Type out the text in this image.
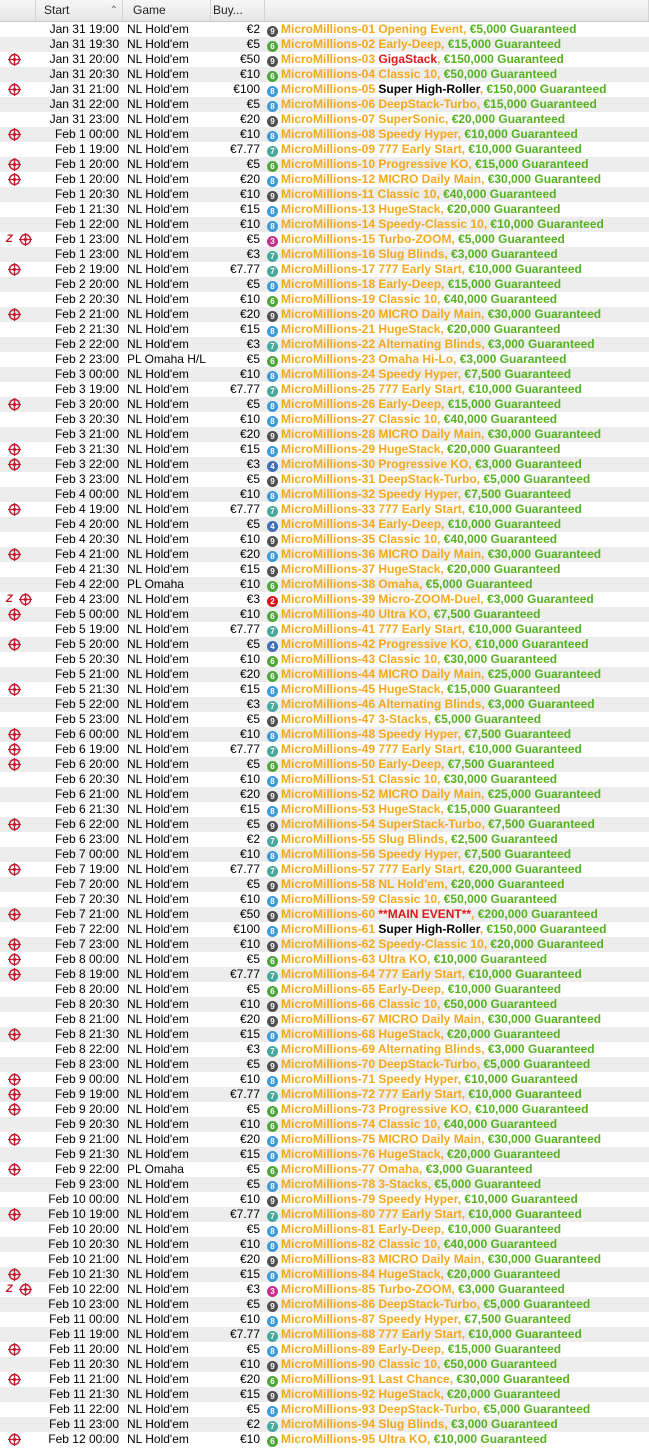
Start	⌃	Game	Buy...
Jan 31 19:00 NL Hold'em	€2	9 MicroMillions-01 Opening Event, €5,000 Guaranteed
Jan 31 19:30 NL Hold'em	€5	6 MicroMillions-02 Early-Deep, €15,000 Guaranteed
Jan 31 20:00 NL Hold'em	€50	9 MicroMillions-03 GigaStack, €150,000 Guaranteed
Jan 31 20:30 NL Hold'em	€10	6 MicroMillions-04 Classic 10, €50,000 Guaranteed
Jan 31 21:00 NL Hold'em	€100	8 MicroMillions-05 Super High-Roller, €150,000 Guaranteed
Jan 31 22:00 NL Hold'em	€5	8 MicroMillions-06 DeepStack-Turbo, €15,000 Guaranteed
Jan 31 23:00 NL Hold'em	€20	9 MicroMillions-07 SuperSonic, €20,000 Guaranteed
Feb 1 00:00 NL Hold'em	€10	8 MicroMillions-08 Speedy Hyper, €10,000 Guaranteed
Feb 1 19:00 NL Hold'em	€7.77	7 MicroMillions-09 777 Early Start, €10,000 Guaranteed
Feb 1 20:00 NL Hold'em	€5	6 MicroMillions-10 Progressive KO, €15,000 Guaranteed
Feb 1 20:00 NL Hold'em	€20	8 MicroMillions-12 MICRO Daily Main, €30,000 Guaranteed
Feb 1 20:30 NL Hold'em	€10	9 MicroMillions-11 Classic 10, €40,000 Guaranteed
Feb 1 21:30 NL Hold'em	€15	8 MicroMillions-13 HugeStack, €20,000 Guaranteed
Feb 1 22:00 NL Hold'em	€10	8 MicroMillions-14 Speedy-Classic 10, €10,000 Guaranteed
Z	Feb 1 23:00 NL Hold'em	€5	3 MicroMillions-15 Turbo-ZOOM, €5,000 Guaranteed
Feb 1 23:00 NL Hold'em	€3	7 MicroMillions-16 Slug Blinds, €3,000 Guaranteed
Feb 2 19:00 NL Hold'em	€7.77	7 MicroMillions-17 777 Early Start, €10,000 Guaranteed
Feb 2 20:00 NL Hold'em	€5	8 MicroMillions-18 Early-Deep, €15,000 Guaranteed
Feb 2 20:30 NL Hold'em	€10	6 MicroMillions-19 Classic 10, €40,000 Guaranteed
Feb 2 21:00 NL Hold'em	€20	9 MicroMillions-20 MICRO Daily Main, €30,000 Guaranteed
Feb 2 21:30 NL Hold'em	€15	8 MicroMillions-21 HugeStack, €20,000 Guaranteed
Feb 2 22:00 NL Hold'em	€3	7 MicroMillions-22 Alternating Blinds, €3,000 Guaranteed
Feb 2 23:00 PL Omaha H/L	€5	6 MicroMillions-23 Omaha Hi-Lo, €3,000 Guaranteed
Feb 3 00:00 NL Hold'em	€10	8 MicroMillions-24 Speedy Hyper, €7,500 Guaranteed
Feb 3 19:00 NL Hold'em	€7.77	7 MicroMillions-25 777 Early Start, €10,000 Guaranteed
Feb 3 20:00 NL Hold'em	€5	8 MicroMillions-26 Early-Deep, €15,000 Guaranteed
Feb 3 20:30 NL Hold'em	€10	8 MicroMillions-27 Classic 10, €40,000 Guaranteed
Feb 3 21:00 NL Hold'em	€20	9 MicroMillions-28 MICRO Daily Main, €30,000 Guaranteed
Feb 3 21:30 NL Hold'em	€15	8 MicroMillions-29 HugeStack, €20,000 Guaranteed
Feb 3 22:00 NL Hold'em	€3	4 MicroMillions-30 Progressive KO, €3,000 Guaranteed
Feb 3 23:00 NL Hold'em	€5	9 MicroMillions-31 DeepStack-Turbo, €5,000 Guaranteed
Feb 4 00:00 NL Hold'em	€10	8 MicroMillions-32 Speedy Hyper, €7,500 Guaranteed
Feb 4 19:00 NL Hold'em	€7.77	7 MicroMillions-33 777 Early Start, €10,000 Guaranteed
Feb 4 20:00 NL Hold'em	€5	4 MicroMillions-34 Early-Deep, €10,000 Guaranteed
Feb 4 20:30 NL Hold'em	€10	9 MicroMillions-35 Classic 10, €40,000 Guaranteed
Feb 4 21:00 NL Hold'em	€20	8 MicroMillions-36 MICRO Daily Main, €30,000 Guaranteed
Feb 4 21:30 NL Hold'em	€15	9 MicroMillions-37 HugeStack, €20,000 Guaranteed
Feb 4 22:00 PL Omaha	€10	6 MicroMillions-38 Omaha, €5,000 Guaranteed
Z	Feb 4 23:00 NL Hold'em	€3	2 MicroMillions-39 Micro-ZOOM-Duel, €3,000 Guaranteed
Feb 5 00:00 NL Hold'em	€10	6 MicroMillions-40 Ultra KO, €7,500 Guaranteed
Feb 5 19:00 NL Hold'em	€7.77	7 MicroMillions-41 777 Early Start, €10,000 Guaranteed
Feb 5 20:00 NL Hold'em	€5	4 MicroMillions-42 Progressive KO, €10,000 Guaranteed
Feb 5 20:30 NL Hold'em	€10	6 MicroMillions-43 Classic 10, €30,000 Guaranteed
Feb 5 21:00 NL Hold'em	€20	6 MicroMillions-44 MICRO Daily Main, €25,000 Guaranteed
Feb 5 21:30 NL Hold'em	€15	8 MicroMillions-45 HugeStack, €15,000 Guaranteed
Feb 5 22:00 NL Hold'em	€3	7 MicroMillions-46 Alternating Blinds, €3,000 Guaranteed
Feb 5 23:00 NL Hold'em	€5	9 MicroMillions-47 3-Stacks, €5,000 Guaranteed
Feb 6 00:00 NL Hold'em	€10	8 MicroMillions-48 Speedy Hyper, €7,500 Guaranteed
Feb 6 19:00 NL Hold'em	€7.77	7 MicroMillions-49 777 Early Start, €10,000 Guaranteed
Feb 6 20:00 NL Hold'em	€5	6 MicroMillions-50 Early-Deep, €7,500 Guaranteed
Feb 6 20:30 NL Hold'em	€10	8 MicroMillions-51 Classic 10, €30,000 Guaranteed
Feb 6 21:00 NL Hold'em	€20	9 MicroMillions-52 MICRO Daily Main, €25,000 Guaranteed
Feb 6 21:30 NL Hold'em	€15	8 MicroMillions-53 HugeStack, €15,000 Guaranteed
Feb 6 22:00 NL Hold'em	€5	9 MicroMillions-54 SuperStack-Turbo, €7,500 Guaranteed
Feb 6 23:00 NL Hold'em	€2	7 MicroMillions-55 Slug Blinds, €2,500 Guaranteed
Feb 7 00:00 NL Hold'em	€10	8 MicroMillions-56 Speedy Hyper, €7,500 Guaranteed
Feb 7 19:00 NL Hold'em	€7.77	7 MicroMillions-57 777 Early Start, €20,000 Guaranteed
Feb 7 20:00 NL Hold'em	€5	9 MicroMillions-58 NL Hold'em, €20,000 Guaranteed
Feb 7 20:30 NL Hold'em	€10	8 MicroMillions-59 Classic 10, €50,000 Guaranteed
Feb 7 21:00 NL Hold'em	€50	9 MicroMillions-60 **MAIN EVENT**, €200,000 Guaranteed
Feb 7 22:00 NL Hold'em	€100	8 MicroMillions-61 Super High-Roller, €150,000 Guaranteed
Feb 7 23:00 NL Hold'em	€10	9 MicroMillions-62 Speedy-Classic 10, €20,000 Guaranteed
Feb 8 00:00 NL Hold'em	€5	6 MicroMillions-63 Ultra KO, €10,000 Guaranteed
Feb 8 19:00 NL Hold'em	€7.77	7 MicroMillions-64 777 Early Start, €10,000 Guaranteed
Feb 8 20:00 NL Hold'em	€5	6 MicroMillions-65 Early-Deep, €10,000 Guaranteed
Feb 8 20:30 NL Hold'em	€10	9 MicroMillions-66 Classic 10, €50,000 Guaranteed
Feb 8 21:00 NL Hold'em	€20	9 MicroMillions-67 MICRO Daily Main, €30,000 Guaranteed
Feb 8 21:30 NL Hold'em	€15	8 MicroMillions-68 HugeStack, €20,000 Guaranteed
Feb 8 22:00 NL Hold'em	€3	7 MicroMillions-69 Alternating Blinds, €3,000 Guaranteed
Feb 8 23:00 NL Hold'em	€5	9 MicroMillions-70 DeepStack-Turbo, €5,000 Guaranteed
Feb 9 00:00 NL Hold'em	€10	8 MicroMillions-71 Speedy Hyper, €10,000 Guaranteed
Feb 9 19:00 NL Hold'em	€7.77	7 MicroMillions-72 777 Early Start, €10,000 Guaranteed
Feb 9 20:00 NL Hold'em	€5	6 MicroMillions-73 Progressive KO, €10,000 Guaranteed
Feb 9 20:30 NL Hold'em	€10	6 MicroMillions-74 Classic 10, €40,000 Guaranteed
Feb 9 21:00 NL Hold'em	€20	8 MicroMillions-75 MICRO Daily Main, €30,000 Guaranteed
Feb 9 21:30 NL Hold'em	€15	8 MicroMillions-76 HugeStack, €20,000 Guaranteed
Feb 9 22:00 PL Omaha	€5	6 MicroMillions-77 Omaha, €3,000 Guaranteed
Feb 9 23:00 NL Hold'em	€5	8 MicroMillions-78 3-Stacks, €5,000 Guaranteed
Feb 10 00:00 NL Hold'em	€10	9 MicroMillions-79 Speedy Hyper, €10,000 Guaranteed
Feb 10 19:00 NL Hold'em	€7.77	7 MicroMillions-80 777 Early Start, €10,000 Guaranteed
Feb 10 20:00 NL Hold'em	€5	8 MicroMillions-81 Early-Deep, €10,000 Guaranteed
Feb 10 20:30 NL Hold'em	€10	8 MicroMillions-82 Classic 10, €40,000 Guaranteed
Feb 10 21:00 NL Hold'em	€20	9 MicroMillions-83 MICRO Daily Main, €30,000 Guaranteed
Feb 10 21:30 NL Hold'em	€15	8 MicroMillions-84 HugeStack, €20,000 Guaranteed
Z	Feb 10 22:00 NL Hold'em	€3	3 MicroMillions-85 Turbo-ZOOM, €3,000 Guaranteed
Feb 10 23:00 NL Hold'em	€5	9 MicroMillions-86 DeepStack-Turbo, €5,000 Guaranteed
Feb 11 00:00 NL Hold'em	€10	8 MicroMillions-87 Speedy Hyper, €7,500 Guaranteed
Feb 11 19:00 NL Hold'em	€7.77	7 MicroMillions-88 777 Early Start, €10,000 Guaranteed
Feb 11 20:00 NL Hold'em	€5	8 MicroMillions-89 Early-Deep, €15,000 Guaranteed
Feb 11 20:30 NL Hold'em	€10	9 MicroMillions-90 Classic 10, €50,000 Guaranteed
Feb 11 21:00 NL Hold'em	€20	6 MicroMillions-91 Last Chance, €30,000 Guaranteed
Feb 11 21:30 NL Hold'em	€15	9 MicroMillions-92 HugeStack, €20,000 Guaranteed
Feb 11 22:00 NL Hold'em	€5	8 MicroMillions-93 DeepStack-Turbo, €5,000 Guaranteed
Feb 11 23:00 NL Hold'em	€2	7 MicroMillions-94 Slug Blinds, €3,000 Guaranteed
Feb 12 00:00 NL Hold'em	€10	6 MicroMillions-95 Ultra KO, €10,000 Guaranteed
